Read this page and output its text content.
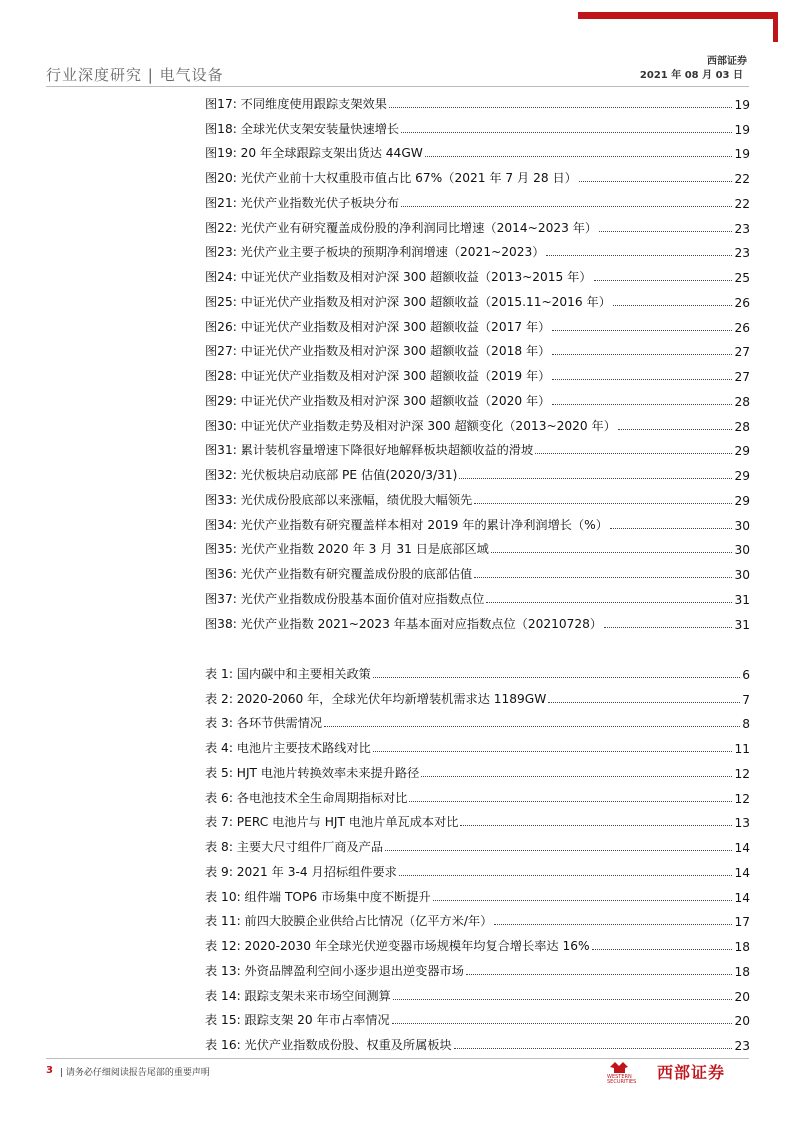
行业深度研究 | 电气设备
西部证券
2021 年 08 月 03 日
图17: 不同维度使用跟踪支架效果	19
图18: 全球光伏支架安装量快速增长	19
图19: 20 年全球跟踪支架出货达 44GW	19
图20: 光伏产业前十大权重股市值占比 67%（2021 年 7 月 28 日）	22
图21: 光伏产业指数光伏子板块分布	22
图22: 光伏产业有研究覆盖成份股的净利润同比增速（2014~2023 年）	23
图23: 光伏产业主要子板块的预期净利润增速（2021~2023）	23
图24: 中证光伏产业指数及相对沪深 300 超额收益（2013~2015 年）	25
图25: 中证光伏产业指数及相对沪深 300 超额收益（2015.11~2016 年）	26
图26: 中证光伏产业指数及相对沪深 300 超额收益（2017 年）	26
图27: 中证光伏产业指数及相对沪深 300 超额收益（2018 年）	27
图28: 中证光伏产业指数及相对沪深 300 超额收益（2019 年）	27
图29: 中证光伏产业指数及相对沪深 300 超额收益（2020 年）	28
图30: 中证光伏产业指数走势及相对沪深 300 超额变化（2013~2020 年）	28
图31: 累计装机容量增速下降很好地解释板块超额收益的滑坡	29
图32: 光伏板块启动底部 PE 估值(2020/3/31)	29
图33: 光伏成份股底部以来涨幅，绩优股大幅领先	29
图34: 光伏产业指数有研究覆盖样本相对 2019 年的累计净利润增长（%）	30
图35: 光伏产业指数 2020 年 3 月 31 日是底部区域	30
图36: 光伏产业指数有研究覆盖成份股的底部估值	30
图37: 光伏产业指数成份股基本面价值对应指数点位	31
图38: 光伏产业指数 2021~2023 年基本面对应指数点位（20210728）	31
表 1: 国内碳中和主要相关政策	6
表 2: 2020-2060 年，全球光伏年均新增装机需求达 1189GW	7
表 3: 各环节供需情况	8
表 4: 电池片主要技术路线对比	11
表 5: HJT 电池片转换效率未来提升路径	12
表 6: 各电池技术全生命周期指标对比	12
表 7: PERC 电池片与 HJT 电池片单瓦成本对比	13
表 8: 主要大尺寸组件厂商及产品	14
表 9: 2021 年 3-4 月招标组件要求	14
表 10: 组件端 TOP6 市场集中度不断提升	14
表 11: 前四大胶膜企业供给占比情况（亿平方米/年）	17
表 12: 2020-2030 年全球光伏逆变器市场规模年均复合增长率达 16%	18
表 13: 外资品牌盈利空间小逐步退出逆变器市场	18
表 14: 跟踪支架未来市场空间测算	20
表 15: 跟踪支架 20 年市占率情况	20
表 16: 光伏产业指数成份股、权重及所属板块	23
3 | 请务必仔细阅读报告尾部的重要声明	WESTERN
SECURITIES 西部证券
